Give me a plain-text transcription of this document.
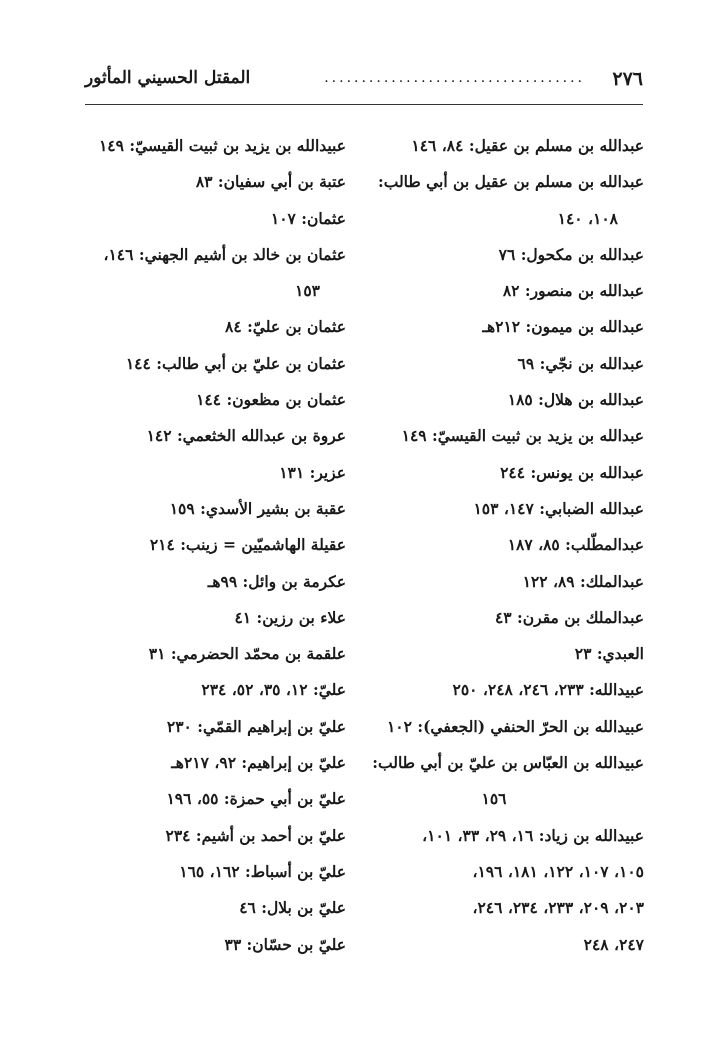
٢٧٦
...................................
المقتل الحسيني المأثور
عبدالله بن مسلم بن عقيل: ٨٤، ١٤٦
عبدالله بن مسلم بن عقيل بن أبي طالب:
١٠٨، ١٤٠
عبدالله بن مكحول: ٧٦
عبدالله بن منصور: ٨٢
عبدالله بن ميمون: ٢١٢هـ
عبدالله بن نجّي: ٦٩
عبدالله بن هلال: ١٨٥
عبدالله بن يزيد بن ثبيت القيسيّ: ١٤٩
عبدالله بن يونس: ٢٤٤
عبدالله الضبابي: ١٤٧، ١٥٣
عبدالمطّلب: ٨٥، ١٨٧
عبدالملك: ٨٩، ١٢٢
عبدالملك بن مقرن: ٤٣
العبدي: ٢٣
عبيدالله: ٢٣٣، ٢٤٦، ٢٤٨، ٢٥٠
عبيدالله بن الحرّ الحنفي (الجعفي): ١٠٢
عبيدالله بن العبّاس بن عليّ بن أبي طالب:
١٥٦
عبيدالله بن زياد: ١٦، ٢٩، ٣٣، ١٠١،
١٠٥، ١٠٧، ١٢٢، ١٨١، ١٩٦،
٢٠٣، ٢٠٩، ٢٣٣، ٢٣٤، ٢٤٦،
٢٤٧، ٢٤٨
عبيدالله بن يزيد بن ثبيت القيسيّ: ١٤٩
عتبة بن أبي سفيان: ٨٣
عثمان: ١٠٧
عثمان بن خالد بن أشيم الجهني: ١٤٦،
١٥٣
عثمان بن عليّ: ٨٤
عثمان بن عليّ بن أبي طالب: ١٤٤
عثمان بن مظعون: ١٤٤
عروة بن عبدالله الخثعمي: ١٤٢
عزير: ١٣١
عقبة بن بشير الأسدي: ١٥٩
عقيلة الهاشميّين = زينب: ٢١٤
عكرمة بن وائل: ٩٩هـ
علاء بن رزين: ٤١
علقمة بن محمّد الحضرمي: ٣١
عليّ: ١٢، ٣٥، ٥٢، ٢٣٤
عليّ بن إبراهيم القمّي: ٢٣٠
عليّ بن إبراهيم: ٩٢، ٢١٧هـ
عليّ بن أبي حمزة: ٥٥، ١٩٦
عليّ بن أحمد بن أشيم: ٢٣٤
عليّ بن أسباط: ١٦٢، ١٦٥
عليّ بن بلال: ٤٦
عليّ بن حسّان: ٣٣
